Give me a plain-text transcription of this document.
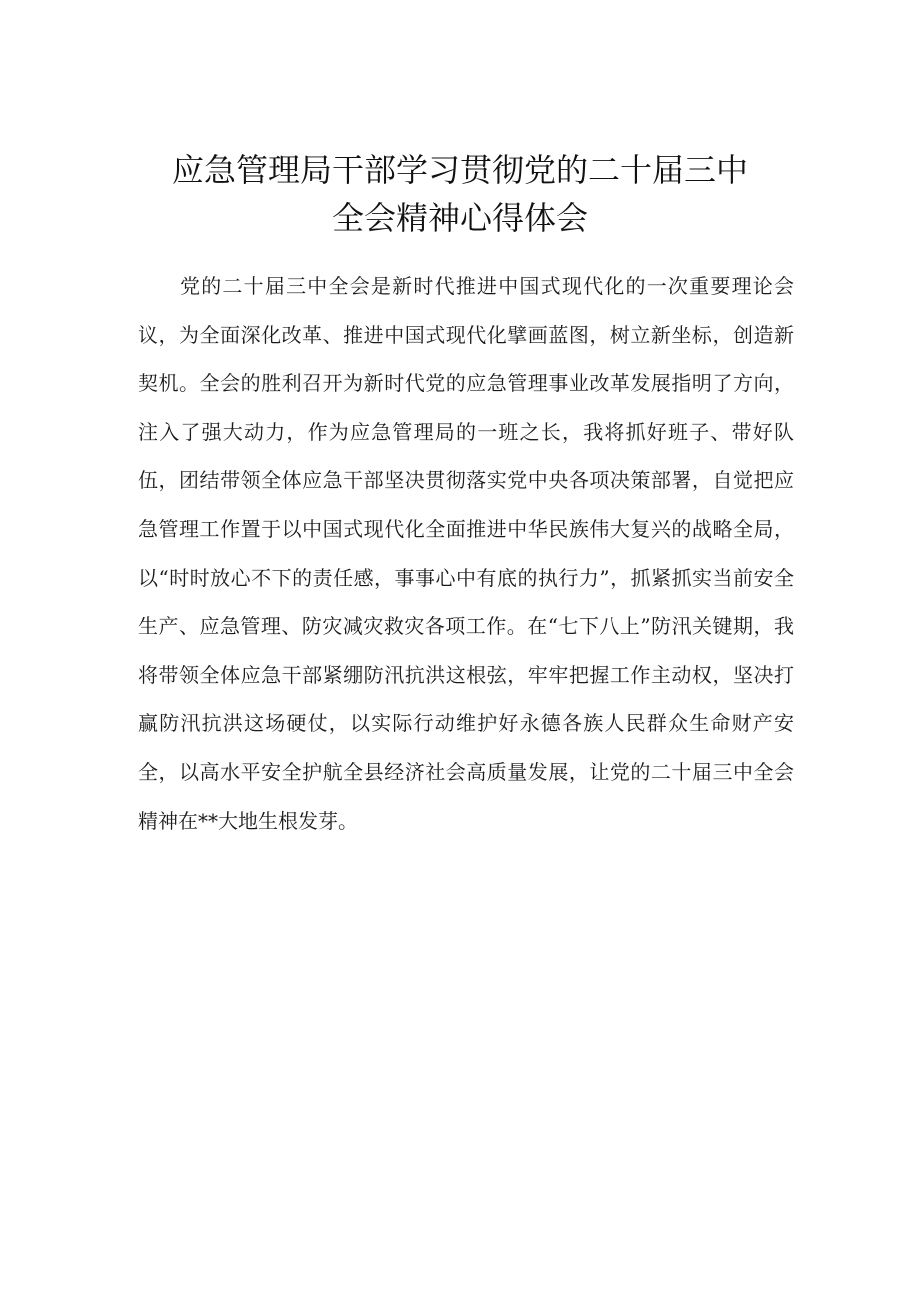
应急管理局干部学习贯彻党的二十届三中
全会精神心得体会

党的二十届三中全会是新时代推进中国式现代化的一次重要理论会议，为全面深化改革、推进中国式现代化擘画蓝图，树立新坐标，创造新契机。全会的胜利召开为新时代党的应急管理事业改革发展指明了方向，注入了强大动力，作为应急管理局的一班之长，我将抓好班子、带好队伍，团结带领全体应急干部坚决贯彻落实党中央各项决策部署，自觉把应急管理工作置于以中国式现代化全面推进中华民族伟大复兴的战略全局，以“时时放心不下的责任感，事事心中有底的执行力”，抓紧抓实当前安全生产、应急管理、防灾减灾救灾各项工作。在“七下八上”防汛关键期，我将带领全体应急干部紧绷防汛抗洪这根弦，牢牢把握工作主动权，坚决打赢防汛抗洪这场硬仗，以实际行动维护好永德各族人民群众生命财产安全，以高水平安全护航全县经济社会高质量发展，让党的二十届三中全会精神在**大地生根发芽。
